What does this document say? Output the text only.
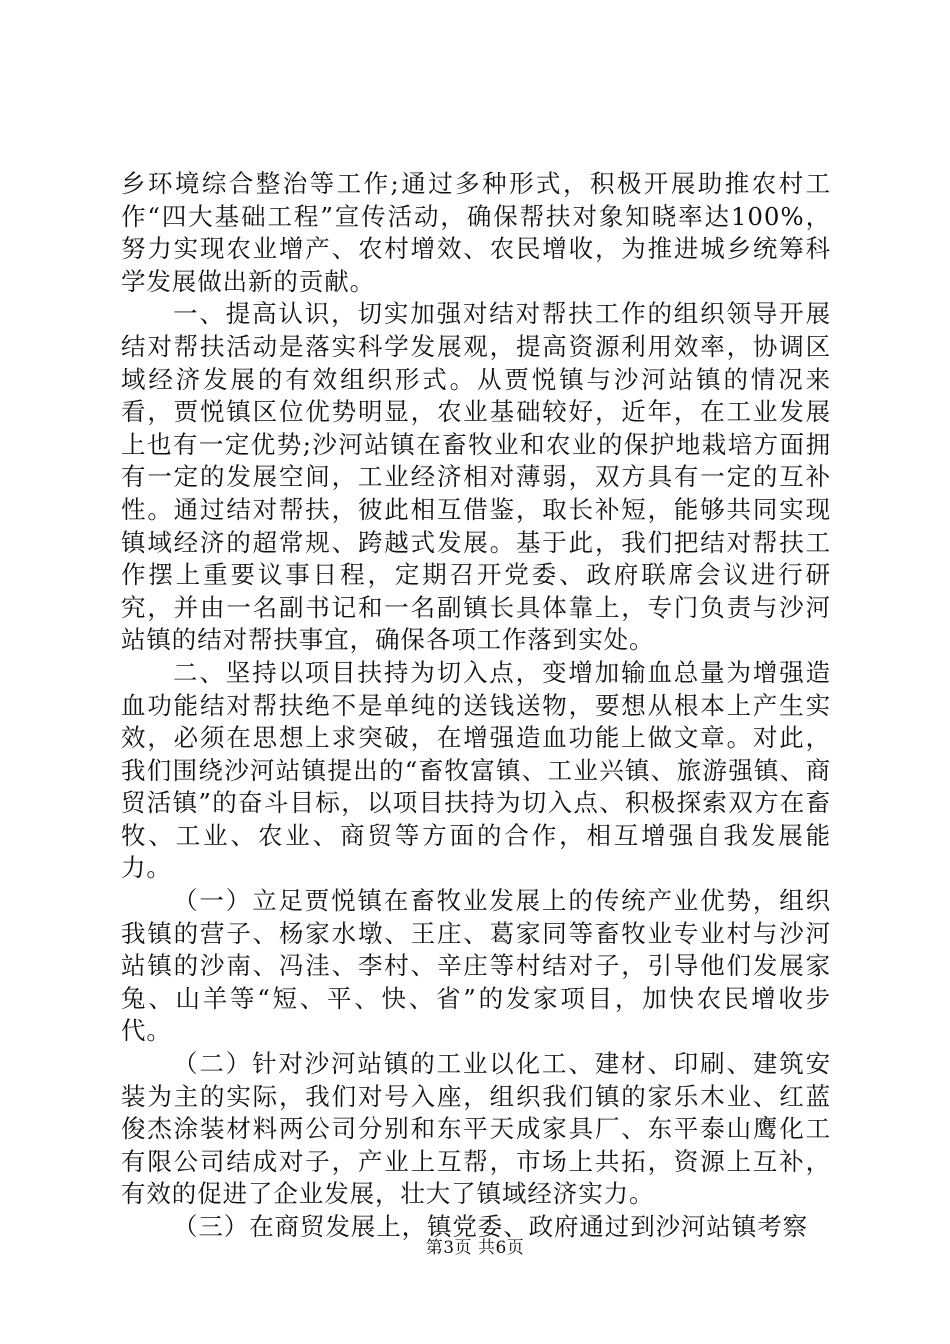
乡环境综合整治等工作;通过多种形式，积极开展助推农村工作“四大基础工程”宣传活动，确保帮扶对象知晓率达100%，努力实现农业增产、农村增效、农民增收，为推进城乡统筹科学发展做出新的贡献。

一、提高认识，切实加强对结对帮扶工作的组织领导开展结对帮扶活动是落实科学发展观，提高资源利用效率，协调区域经济发展的有效组织形式。从贾悦镇与沙河站镇的情况来看，贾悦镇区位优势明显，农业基础较好，近年，在工业发展上也有一定优势;沙河站镇在畜牧业和农业的保护地栽培方面拥有一定的发展空间，工业经济相对薄弱，双方具有一定的互补性。通过结对帮扶，彼此相互借鉴，取长补短，能够共同实现镇域经济的超常规、跨越式发展。基于此，我们把结对帮扶工作摆上重要议事日程，定期召开党委、政府联席会议进行研究，并由一名副书记和一名副镇长具体靠上，专门负责与沙河站镇的结对帮扶事宜，确保各项工作落到实处。

二、坚持以项目扶持为切入点，变增加输血总量为增强造血功能结对帮扶绝不是单纯的送钱送物，要想从根本上产生实效，必须在思想上求突破，在增强造血功能上做文章。对此，我们围绕沙河站镇提出的“畜牧富镇、工业兴镇、旅游强镇、商贸活镇”的奋斗目标，以项目扶持为切入点、积极探索双方在畜牧、工业、农业、商贸等方面的合作，相互增强自我发展能力。

（一）立足贾悦镇在畜牧业发展上的传统产业优势，组织我镇的营子、杨家水墩、王庄、葛家同等畜牧业专业村与沙河站镇的沙南、冯洼、李村、辛庄等村结对子，引导他们发展家兔、山羊等“短、平、快、省”的发家项目，加快农民增收步代。

（二）针对沙河站镇的工业以化工、建材、印刷、建筑安装为主的实际，我们对号入座，组织我们镇的家乐木业、红蓝俊杰涂装材料两公司分别和东平天成家具厂、东平泰山鹰化工有限公司结成对子，产业上互帮，市场上共拓，资源上互补，有效的促进了企业发展，壮大了镇域经济实力。

（三）在商贸发展上，镇党委、政府通过到沙河站镇考察

第3页 共6页
